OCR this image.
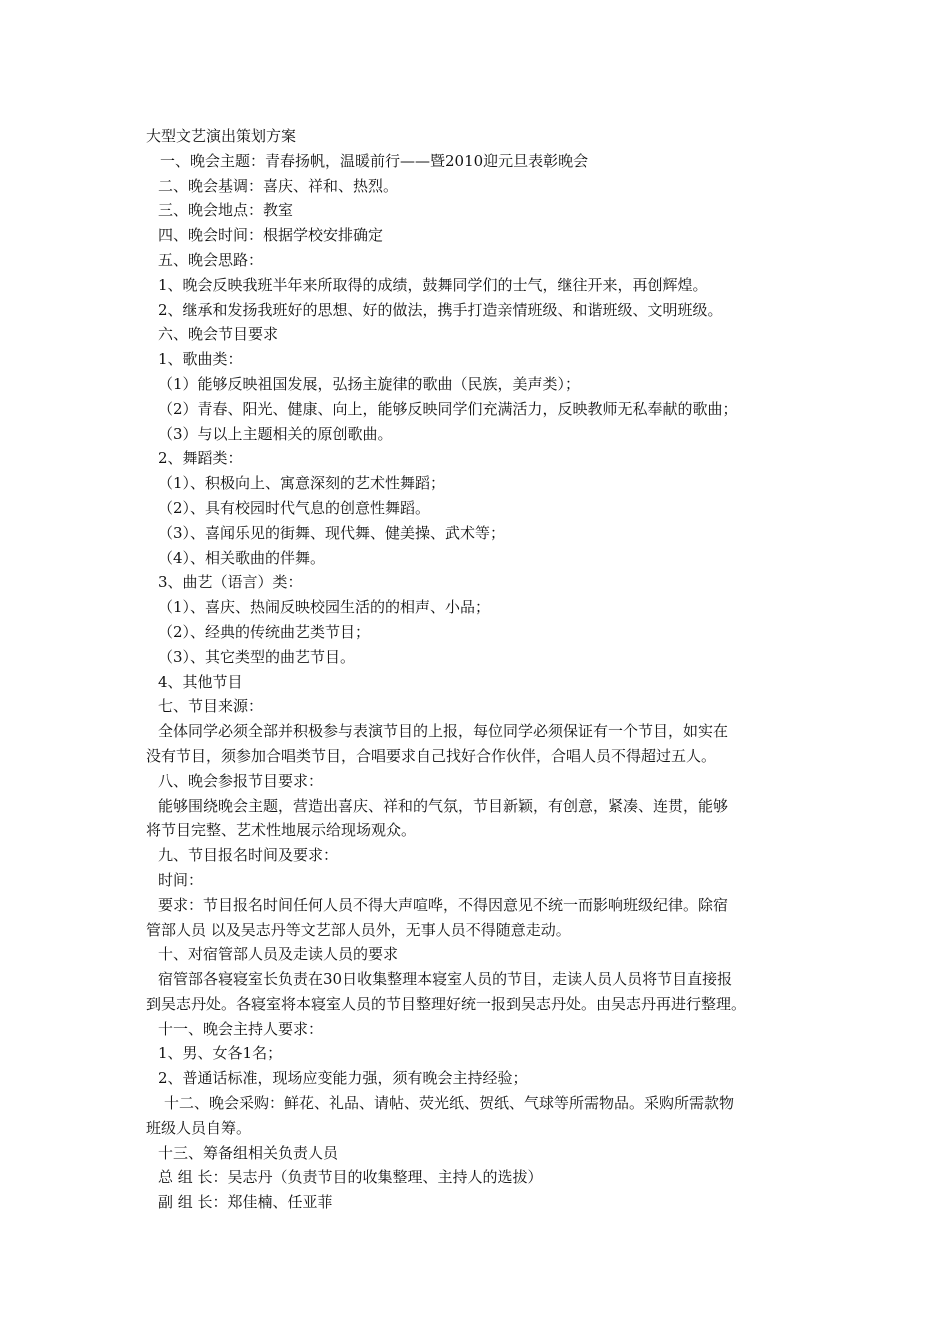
大型文艺演出策划方案
一、晚会主题：青春扬帆，温暖前行——暨2010迎元旦表彰晚会
二、晚会基调：喜庆、祥和、热烈。
三、晚会地点：教室
四、晚会时间：根据学校安排确定
五、晚会思路：
1、晚会反映我班半年来所取得的成绩，鼓舞同学们的士气，继往开来，再创辉煌。
2、继承和发扬我班好的思想、好的做法，携手打造亲情班级、和谐班级、文明班级。
六、晚会节目要求
1、歌曲类：
（1）能够反映祖国发展，弘扬主旋律的歌曲（民族，美声类）；
（2）青春、阳光、健康、向上，能够反映同学们充满活力，反映教师无私奉献的歌曲；
（3）与以上主题相关的原创歌曲。
2、舞蹈类：
（1）、积极向上、寓意深刻的艺术性舞蹈；
（2）、具有校园时代气息的创意性舞蹈。
（3）、喜闻乐见的街舞、现代舞、健美操、武术等；
（4）、相关歌曲的伴舞。
3、曲艺（语言）类：
（1）、喜庆、热闹反映校园生活的的相声、小品；
（2）、经典的传统曲艺类节目；
（3）、其它类型的曲艺节目。
4、其他节目
七、节目来源：
全体同学必须全部并积极参与表演节目的上报，每位同学必须保证有一个节目，如实在
没有节目，须参加合唱类节目，合唱要求自己找好合作伙伴，合唱人员不得超过五人。
八、晚会参报节目要求：
能够围绕晚会主题，营造出喜庆、祥和的气氛，节目新颖，有创意，紧凑、连贯，能够
将节目完整、艺术性地展示给现场观众。
九、节目报名时间及要求：
时间：
要求：节目报名时间任何人员不得大声喧哗，不得因意见不统一而影响班级纪律。除宿
管部人员 以及吴志丹等文艺部人员外，无事人员不得随意走动。
十、对宿管部人员及走读人员的要求
宿管部各寝寝室长负责在30日收集整理本寝室人员的节目，走读人员人员将节目直接报
到吴志丹处。各寝室将本寝室人员的节目整理好统一报到吴志丹处。由吴志丹再进行整理。
十一、晚会主持人要求：
1、男、女各1名；
2、普通话标准，现场应变能力强，须有晚会主持经验；
十二、晚会采购：鲜花、礼品、请帖、荧光纸、贺纸、气球等所需物品。采购所需款物
班级人员自筹。
十三、筹备组相关负责人员
总 组 长：吴志丹（负责节目的收集整理、主持人的选拔）
副 组 长：郑佳楠、任亚菲
